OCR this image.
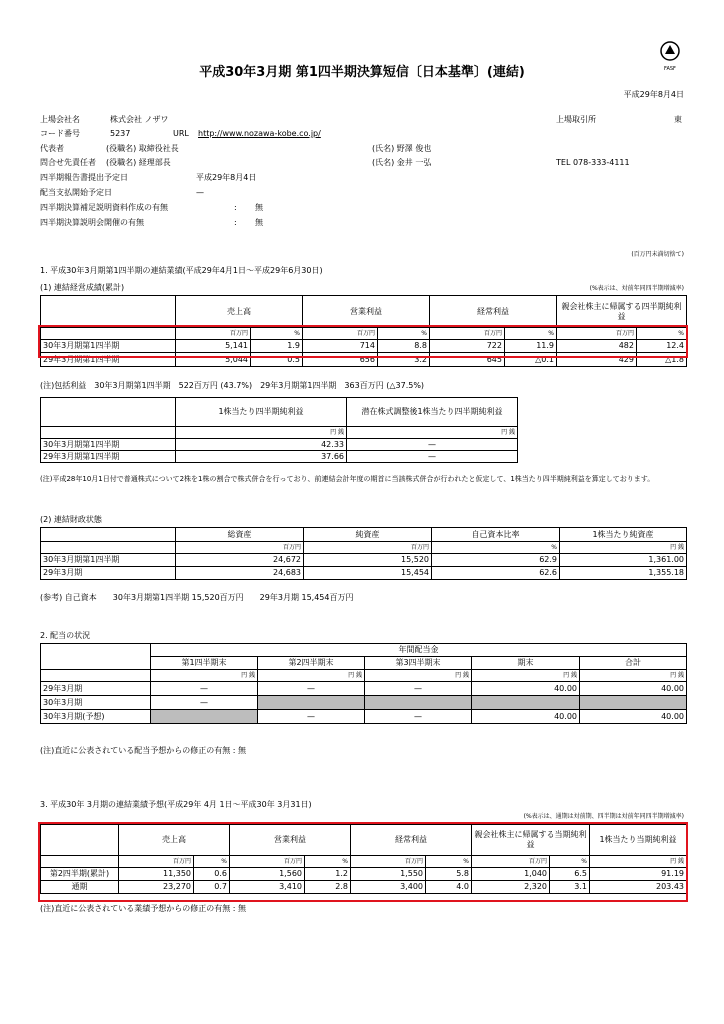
FASF
平成30年3月期 第1四半期決算短信〔日本基準〕(連結)
平成29年8月4日
上場会社名	株式会社 ノザワ	上場取引所	東
コード番号	5237	URL http://www.nozawa-kobe.co.jp/
代表者	(役職名) 取締役社長	(氏名) 野澤 俊也
問合せ先責任者 (役職名) 経理部長	(氏名) 金井 一弘	TEL 078-333-4111
四半期報告書提出予定日	平成29年8月4日
配当支払開始予定日	—
四半期決算補足説明資料作成の有無	: 無
四半期決算説明会開催の有無	: 無
(百万円未満切捨て)
1. 平成30年3月期第1四半期の連結業績(平成29年4月1日～平成29年6月30日)
(1) 連結経営成績(累計)	(%表示は、対前年同四半期増減率)
	売上高		営業利益		経常利益		親会社株主に帰属する四半期純利益	
	百万円	%	百万円	%	百万円	%	百万円	%
30年3月期第1四半期	5,141	1.9	714	8.8	722	11.9	482	12.4
29年3月期第1四半期	5,044	0.5	656	3.2	645	△0.1	429	△1.8
(注)包括利益　30年3月期第1四半期　522百万円 (43.7%)　29年3月期第1四半期　363百万円 (△37.5%)
	1株当たり四半期純利益	潜在株式調整後1株当たり四半期純利益
	円 銭	円 銭
30年3月期第1四半期	42.33	—
29年3月期第1四半期	37.66	—
(注)平成28年10月1日付で普通株式について2株を1株の割合で株式併合を行っており、前連結会計年度の期首に当該株式併合が行われたと仮定して、1株当たり四半期純利益を算定しております。
(2) 連結財政状態
	総資産	純資産	自己資本比率	1株当たり純資産
	百万円	百万円	%	円 銭
30年3月期第1四半期	24,672	15,520	62.9	1,361.00
29年3月期	24,683	15,454	62.6	1,355.18
(参考) 自己資本　　30年3月期第1四半期 15,520百万円　　29年3月期 15,454百万円
2. 配当の状況
	年間配当金				
	第1四半期末	第2四半期末	第3四半期末	期末	合計
	円 銭	円 銭	円 銭	円 銭	円 銭
29年3月期	—	—	—	40.00	40.00
30年3月期	—				
30年3月期(予想)		—	—	40.00	40.00
(注)直近に公表されている配当予想からの修正の有無 : 無
3. 平成30年 3月期の連結業績予想(平成29年 4月 1日～平成30年 3月31日)
(%表示は、通期は対前期、四半期は対前年同四半期増減率)
	売上高		営業利益		経常利益		親会社株主に帰属する当期純利益		1株当たり当期純利益
	百万円	%	百万円	%	百万円	%	百万円	%	円 銭
第2四半期(累計)	11,350	0.6	1,560	1.2	1,550	5.8	1,040	6.5	91.19
通期	23,270	0.7	3,410	2.8	3,400	4.0	2,320	3.1	203.43
(注)直近に公表されている業績予想からの修正の有無 : 無
